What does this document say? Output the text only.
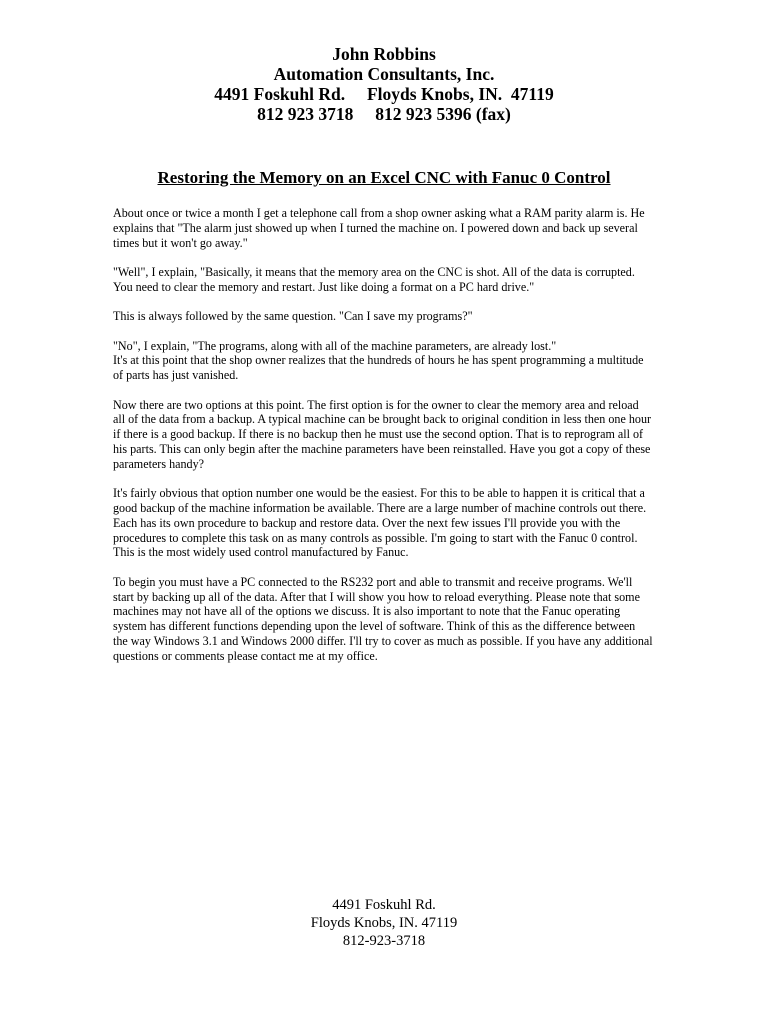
John Robbins
Automation Consultants, Inc.
4491 Foskuhl Rd.     Floyds Knobs, IN.  47119
812 923 3718     812 923 5396 (fax)
Restoring the Memory on an Excel CNC with Fanuc 0 Control

About once or twice a month I get a telephone call from a shop owner asking what a RAM parity alarm is. He explains that "The alarm just showed up when I turned the machine on. I powered down and back up several times but it won't go away."

"Well", I explain, "Basically, it means that the memory area on the CNC is shot. All of the data is corrupted. You need to clear the memory and restart. Just like doing a format on a PC hard drive."

This is always followed by the same question. "Can I save my programs?"

"No", I explain, "The programs, along with all of the machine parameters, are already lost."

It's at this point that the shop owner realizes that the hundreds of hours he has spent programming a multitude of parts has just vanished.

Now there are two options at this point. The first option is for the owner to clear the memory area and reload all of the data from a backup. A typical machine can be brought back to original condition in less then one hour if there is a good backup. If there is no backup then he must use the second option. That is to reprogram all of his parts. This can only begin after the machine parameters have been reinstalled. Have you got a copy of these parameters handy?

It's fairly obvious that option number one would be the easiest. For this to be able to happen it is critical that a good backup of the machine information be available. There are a large number of machine controls out there. Each has its own procedure to backup and restore data. Over the next few issues I'll provide you with the procedures to complete this task on as many controls as possible. I'm going to start with the Fanuc 0 control. This is the most widely used control manufactured by Fanuc.

To begin you must have a PC connected to the RS232 port and able to transmit and receive programs. We'll start by backing up all of the data. After that I will show you how to reload everything. Please note that some machines may not have all of the options we discuss. It is also important to note that the Fanuc operating system has different functions depending upon the level of software. Think of this as the difference between the way Windows 3.1 and Windows 2000 differ. I'll try to cover as much as possible. If you have any additional questions or comments please contact me at my office.

4491 Foskuhl Rd.
Floyds Knobs, IN. 47119
812-923-3718
